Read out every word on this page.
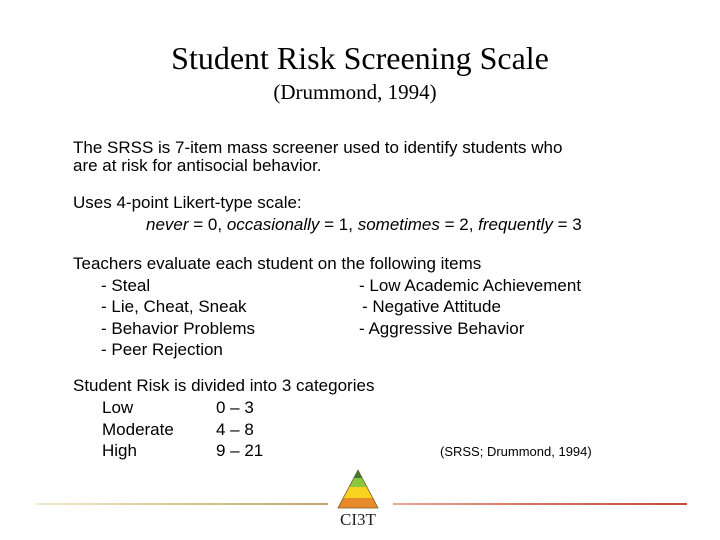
Student Risk Screening Scale
(Drummond, 1994)
The SRSS is 7-item mass screener used to identify students who
are at risk for antisocial behavior.
Uses 4-point Likert-type scale:
never = 0, occasionally = 1, sometimes = 2, frequently = 3
Teachers evaluate each student on the following items
- Steal
- Lie, Cheat, Sneak
- Behavior Problems
- Peer Rejection
- Low Academic Achievement
- Negative Attitude
- Aggressive Behavior
Student Risk is divided into 3 categories
Low	0 – 3
Moderate 4 – 8
High	9 – 21	(SRSS; Drummond, 1994)
CI3T
